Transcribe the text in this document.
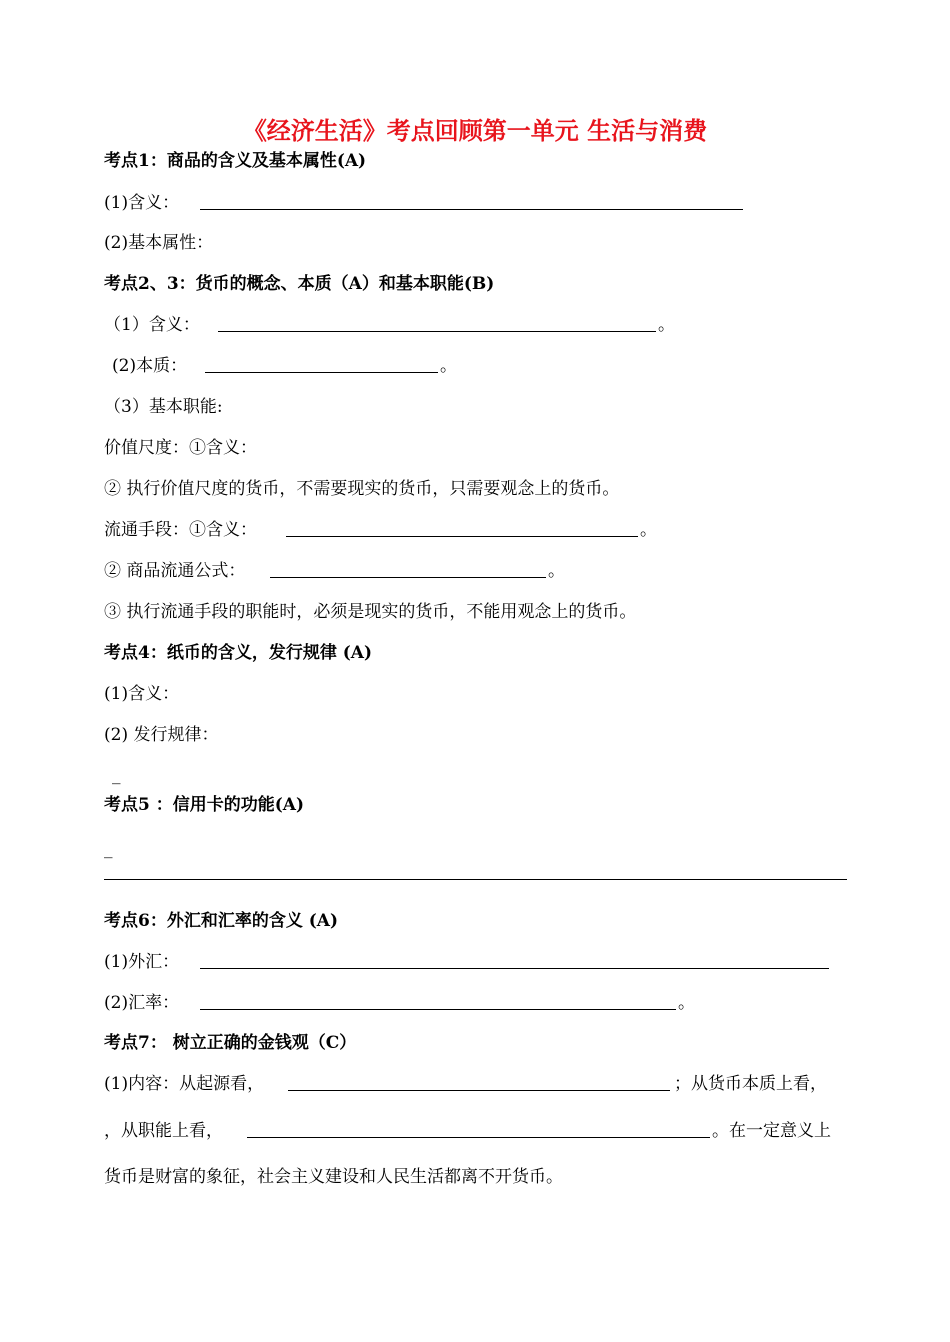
《经济生活》考点回顾第一单元 生活与消费
考点1：商品的含义及基本属性(A)
(1)含义：
(2)基本属性：
考点2、3：货币的概念、本质（A）和基本职能(B)
（1）含义：	。
(2)本质：	。
（3）基本职能:
价值尺度：①含义：
② 执行价值尺度的货币，不需要现实的货币，只需要观念上的货币。
流通手段：①含义：	。
② 商品流通公式：	。
③ 执行流通手段的职能时，必须是现实的货币，不能用观念上的货币。
考点4：纸币的含义，发行规律 (A)
(1)含义：
(2) 发行规律：
_
考点5 ：信用卡的功能(A)
_
考点6：外汇和汇率的含义 (A)
(1)外汇：
(2)汇率：	。
考点7： 树立正确的金钱观（C）
(1)内容：从起源看，	；从货币本质上看，
，从职能上看，	。在一定意义上
货币是财富的象征，社会主义建设和人民生活都离不开货币。
